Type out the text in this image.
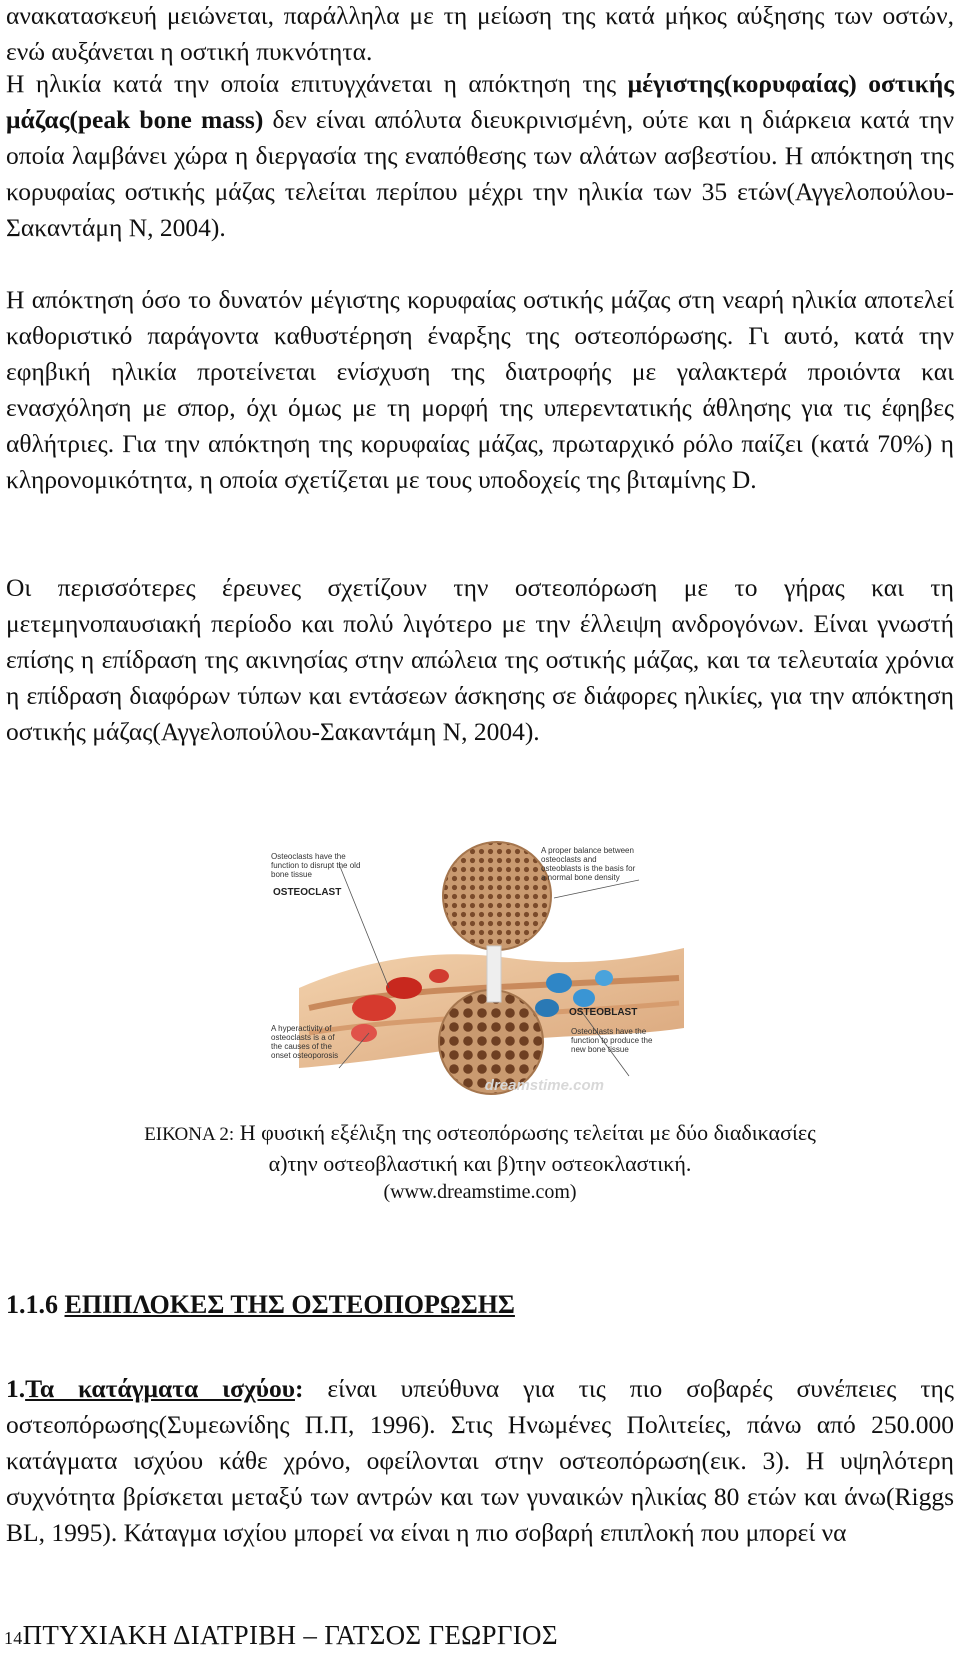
ανακατασκευή μειώνεται, παράλληλα με τη μείωση της κατά μήκος αύξησης των οστών, ενώ αυξάνεται η οστική πυκνότητα.

Η ηλικία κατά την οποία επιτυγχάνεται η απόκτηση της μέγιστης(κορυφαίας) οστικής μάζας(peak bone mass) δεν είναι απόλυτα διευκρινισμένη, ούτε και η διάρκεια κατά την οποία λαμβάνει χώρα η διεργασία της εναπόθεσης των αλάτων ασβεστίου. Η απόκτηση της κορυφαίας οστικής μάζας τελείται περίπου μέχρι την ηλικία των 35 ετών(Αγγελοπούλου-Σακαντάμη Ν, 2004).

Η απόκτηση όσο το δυνατόν μέγιστης κορυφαίας οστικής μάζας στη νεαρή ηλικία αποτελεί καθοριστικό παράγοντα καθυστέρηση έναρξης της οστεοπόρωσης. Γι αυτό, κατά την εφηβική ηλικία προτείνεται ενίσχυση της διατροφής με γαλακτερά προιόντα και ενασχόληση με σπορ, όχι όμως με τη μορφή της υπερεντατικής άθλησης για τις έφηβες αθλήτριες. Για την απόκτηση της κορυφαίας μάζας, πρωταρχικό ρόλο παίζει (κατά 70%) η κληρονομικότητα, η οποία σχετίζεται με τους υποδοχείς της βιταμίνης D.

Οι περισσότερες έρευνες σχετίζουν την οστεοπόρωση με το γήρας και τη μετεμηνοπαυσιακή περίοδο και πολύ λιγότερο με την έλλειψη ανδρογόνων. Είναι γνωστή επίσης η επίδραση της ακινησίας στην απώλεια της οστικής μάζας, και τα τελευταία χρόνια η επίδραση διαφόρων τύπων και εντάσεων άσκησης σε διάφορες ηλικίες, για την απόκτηση οστικής μάζας(Αγγελοπούλου-Σακαντάμη Ν, 2004).

Osteoclasts have the function to disrupt the old bone tissue
OSTEOCLAST
A proper balance between osteoclasts and osteoblasts is the basis for a normal bone density
A hyperactivity of osteoclasts is a of the causes of the onset osteoporosis
OSTEOBLAST
Osteoblasts have the function to produce the new bone tissue
dreamstime.com
ΕΙΚΟΝΑ 2: Η φυσική εξέλιξη της οστεοπόρωσης τελείται με δύο διαδικασίες
α)την οστεοβλαστική και β)την οστεοκλαστική.
(www.dreamstime.com)
1.1.6 ΕΠΙΠΛΟΚΕΣ ΤΗΣ ΟΣΤΕΟΠΟΡΩΣΗΣ

1.Τα κατάγματα ισχύου: είναι υπεύθυνα για τις πιο σοβαρές συνέπειες της οστεοπόρωσης(Συμεωνίδης Π.Π, 1996). Στις Ηνωμένες Πολιτείες, πάνω από 250.000 κατάγματα ισχύου κάθε χρόνο, οφείλονται στην οστεοπόρωση(εικ. 3). Η υψηλότερη συχνότητα βρίσκεται μεταξύ των αντρών και των γυναικών ηλικίας 80 ετών και άνω(Riggs BL, 1995). Κάταγμα ισχίου μπορεί να είναι η πιο σοβαρή επιπλοκή που μπορεί να

14ΠΤΥΧΙΑΚΗ ΔΙΑΤΡΙΒΗ – ΓΑΤΣΟΣ ΓΕΩΡΓΙΟΣ
